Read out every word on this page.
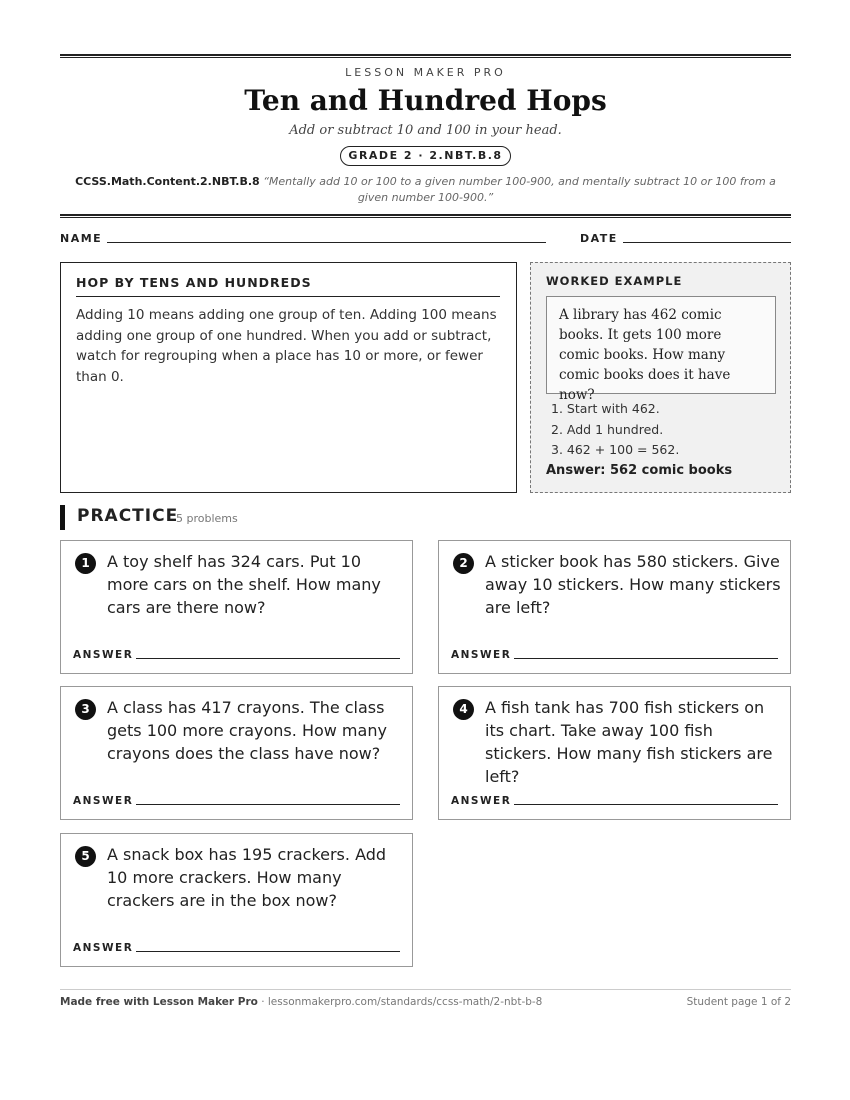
LESSON MAKER PRO
Ten and Hundred Hops
Add or subtract 10 and 100 in your head.
GRADE 2 · 2.NBT.B.8
CCSS.Math.Content.2.NBT.B.8 “Mentally add 10 or 100 to a given number 100-900, and mentally subtract 10 or 100 from a given number 100-900.”
NAME	DATE
HOP BY TENS AND HUNDREDS
Adding 10 means adding one group of ten. Adding 100 means adding one group of one hundred. When you add or subtract, watch for regrouping when a place has 10 or more, or fewer than 0.
WORKED EXAMPLE
A library has 462 comic books. It gets 100 more comic books. How many comic books does it have now?
1. Start with 462.
2. Add 1 hundred.
3. 462 + 100 = 562.
Answer: 562 comic books
PRACTICE
5 problems
1	A toy shelf has 324 cars. Put 10 more cars on the shelf. How many cars are there now?
ANSWER
2	A sticker book has 580 stickers. Give away 10 stickers. How many stickers are left?
ANSWER
3	A class has 417 crayons. The class gets 100 more crayons. How many crayons does the class have now?
ANSWER
4	A fish tank has 700 fish stickers on its chart. Take away 100 fish stickers. How many fish stickers are left?
ANSWER
5	A snack box has 195 crackers. Add 10 more crackers. How many crackers are in the box now?
ANSWER
Made free with Lesson Maker Pro · lessonmakerpro.com/standards/ccss-math/2-nbt-b-8	Student page 1 of 2
